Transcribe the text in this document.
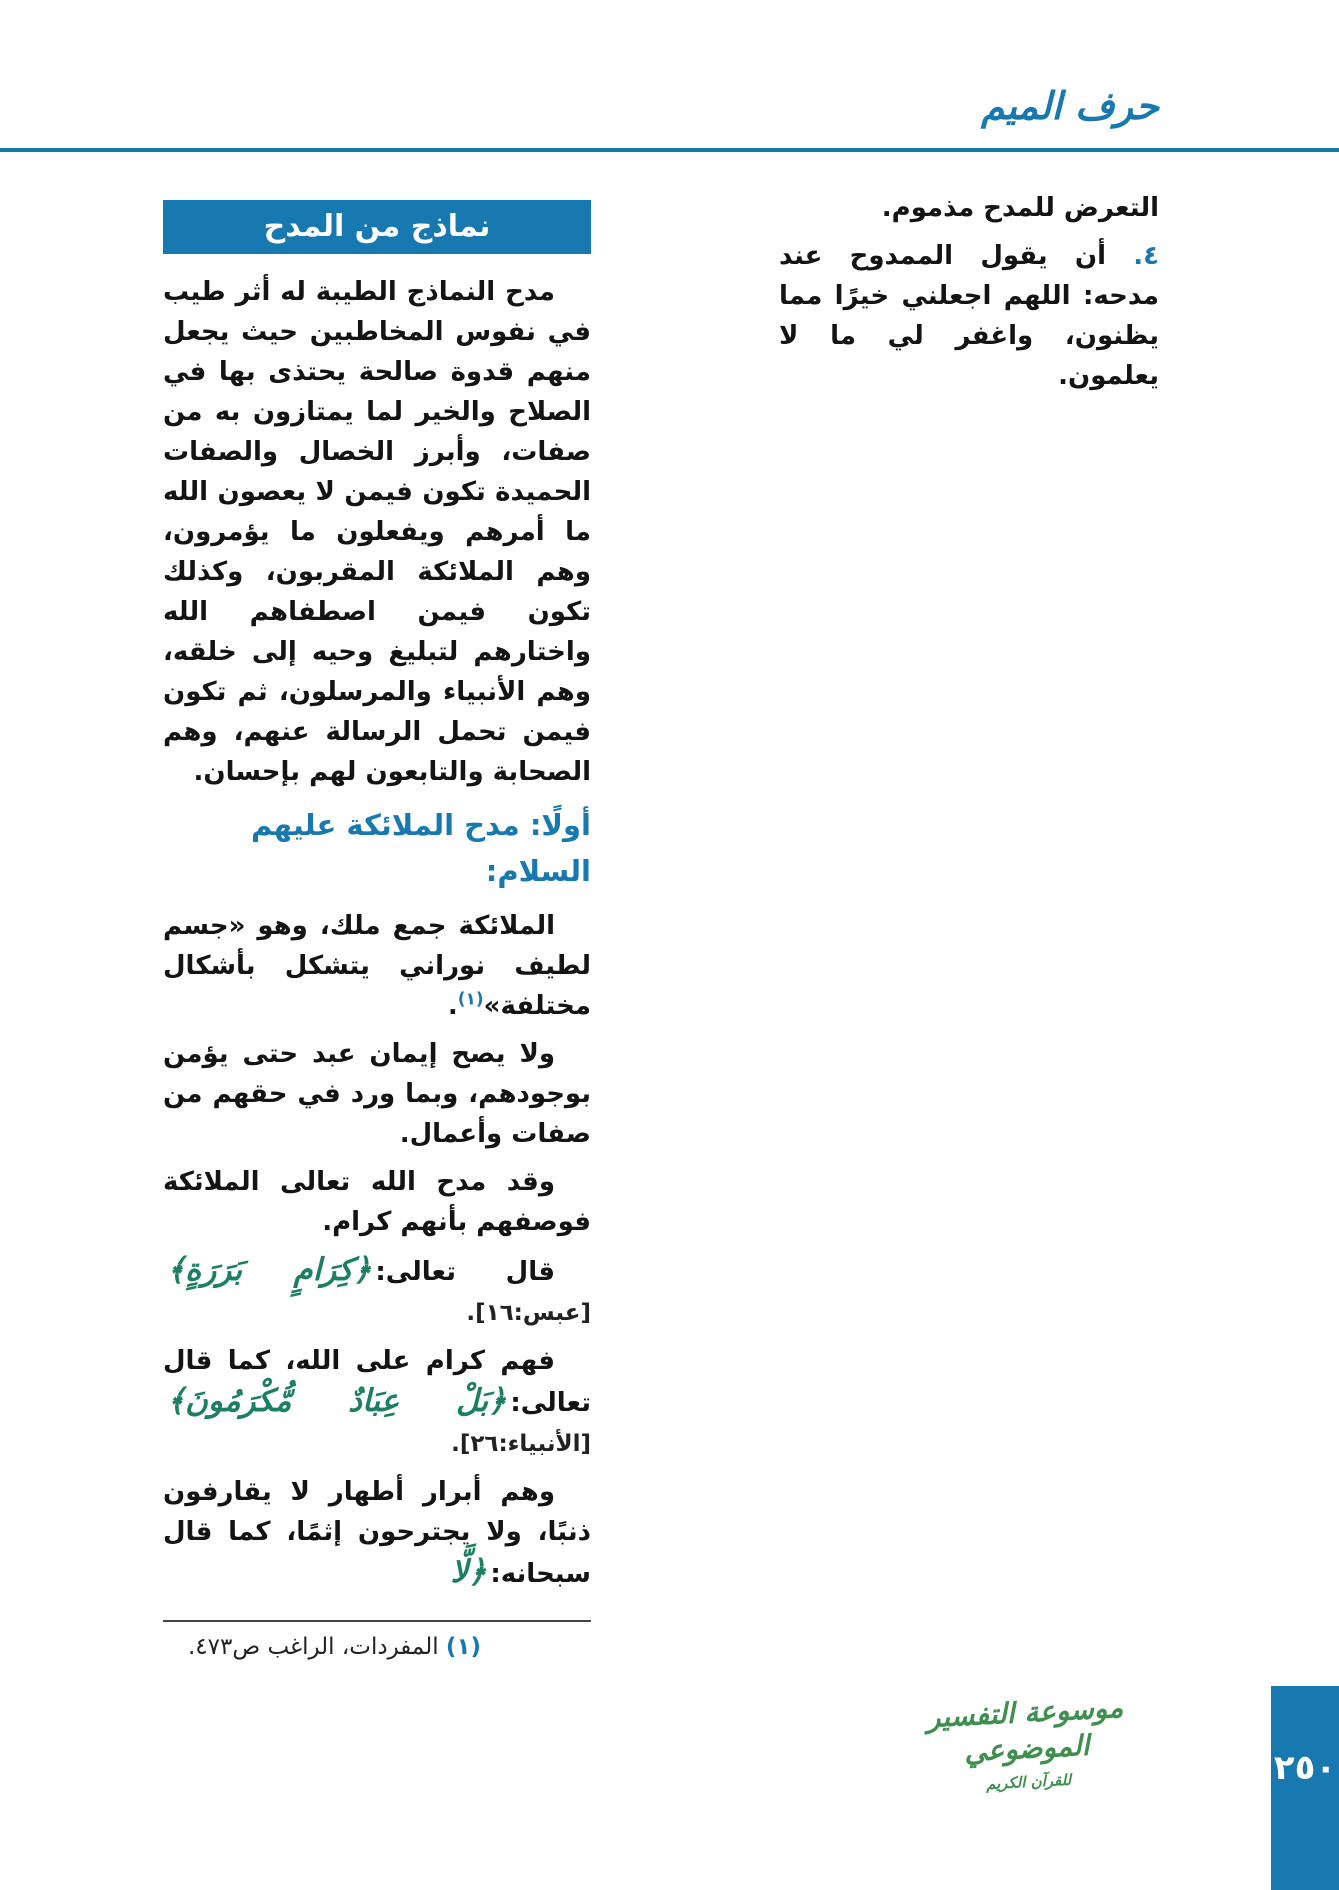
حرف الميم

التعرض للمدح مذموم.

٤. أن يقول الممدوح عند مدحه: اللهم اجعلني خيرًا مما يظنون، واغفر لي ما لا يعلمون.

نماذج من المدح

مدح النماذج الطيبة له أثر طيب في نفوس المخاطبين حيث يجعل منهم قدوة صالحة يحتذى بها في الصلاح والخير لما يمتازون به من صفات، وأبرز الخصال والصفات الحميدة تكون فيمن لا يعصون الله ما أمرهم ويفعلون ما يؤمرون، وهم الملائكة المقربون، وكذلك تكون فيمن اصطفاهم الله واختارهم لتبليغ وحيه إلى خلقه، وهم الأنبياء والمرسلون، ثم تكون فيمن تحمل الرسالة عنهم، وهم الصحابة والتابعون لهم بإحسان.

أولًا: مدح الملائكة عليهم السلام:

الملائكة جمع ملك، وهو «جسم لطيف نوراني يتشكل بأشكال مختلفة»$^{(١)}$.

ولا يصح إيمان عبد حتى يؤمن بوجودهم، وبما ورد في حقهم من صفات وأعمال.

وقد مدح الله تعالى الملائكة فوصفهم بأنهم كرام.

قال تعالى:﴿كِرَامٍ بَرَرَةٍ﴾[عبس:١٦].

فهم كرام على الله، كما قال تعالى:﴿بَلْ عِبَادٌ مُّكْرَمُونَ﴾[الأنبياء:٢٦].

وهم أبرار أطهار لا يقارفون ذنبًا، ولا يجترحون إثمًا، كما قال سبحانه:﴿لَّا

(١) المفردات، الراغب ص٤٧٣.

موسوعة التفسير الموضوعي
للقرآن الكريم	٢٥٠
